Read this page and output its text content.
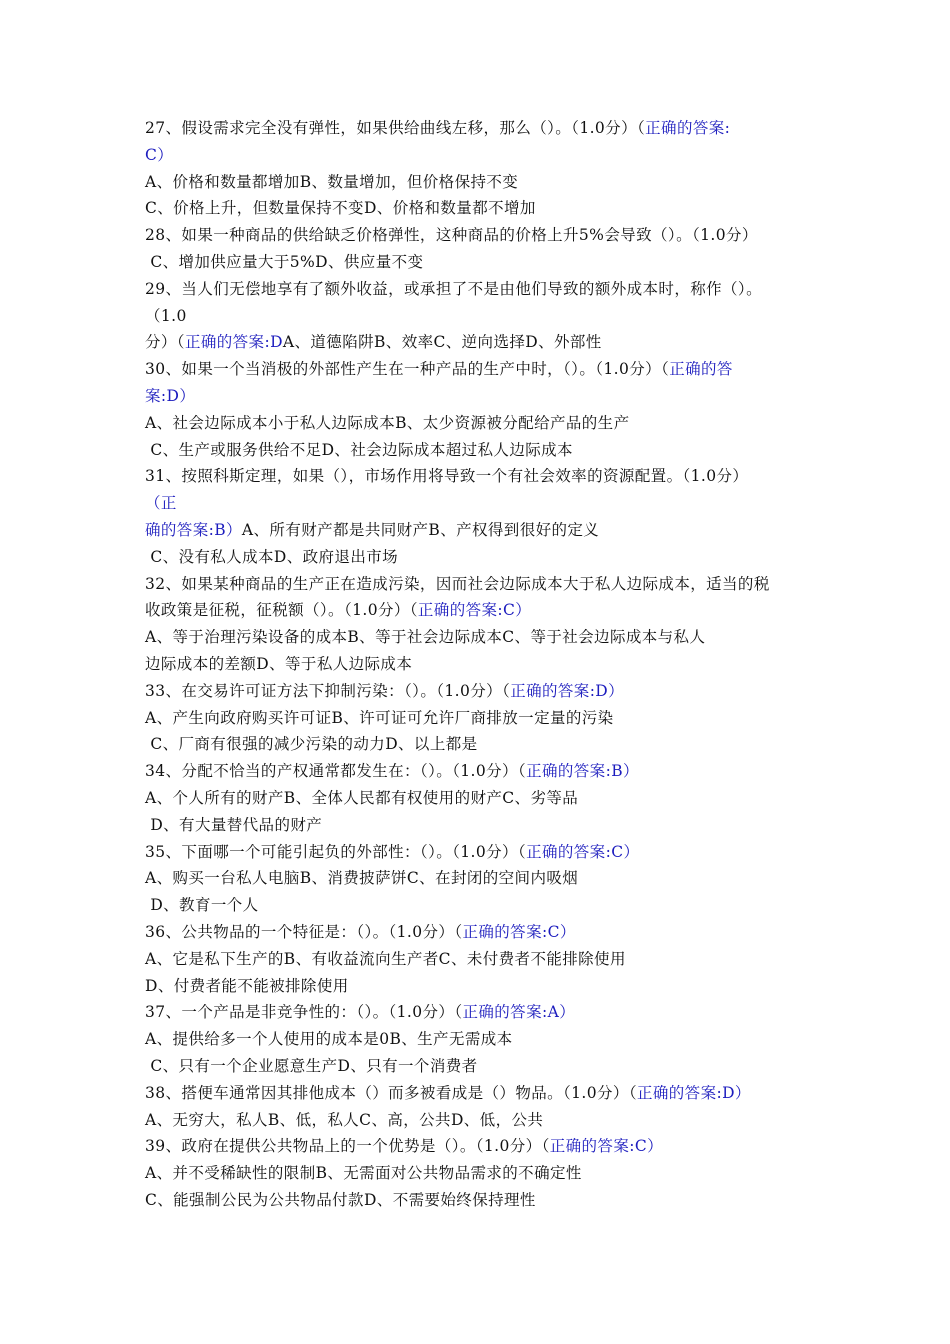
27、假设需求完全没有弹性，如果供给曲线左移，那么（）。（1.0分）（正确的答案:
C）
A、价格和数量都增加B、数量增加，但价格保持不变
C、价格上升，但数量保持不变D、价格和数量都不增加
28、如果一种商品的供给缺乏价格弹性，这种商品的价格上升5%会导致（）。（1.0分）
C、增加供应量大于5%D、供应量不变
29、当人们无偿地享有了额外收益，或承担了不是由他们导致的额外成本时，称作（）。
（1.0
分）（正确的答案:DA、道德陷阱B、效率C、逆向选择D、外部性
30、如果一个当消极的外部性产生在一种产品的生产中时，（）。（1.0分）（正确的答
案:D）
A、社会边际成本小于私人边际成本B、太少资源被分配给产品的生产
C、生产或服务供给不足D、社会边际成本超过私人边际成本
31、按照科斯定理，如果（），市场作用将导致一个有社会效率的资源配置。（1.0分）
（正
确的答案:B）A、所有财产都是共同财产B、产权得到很好的定义
C、没有私人成本D、政府退出市场
32、如果某种商品的生产正在造成污染，因而社会边际成本大于私人边际成本，适当的税
收政策是征税，征税额（）。（1.0分）（正确的答案:C）
A、等于治理污染设备的成本B、等于社会边际成本C、等于社会边际成本与私人
边际成本的差额D、等于私人边际成本
33、在交易许可证方法下抑制污染：（）。（1.0分）（正确的答案:D）
A、产生向政府购买许可证B、许可证可允许厂商排放一定量的污染
C、厂商有很强的减少污染的动力D、以上都是
34、分配不恰当的产权通常都发生在：（）。（1.0分）（正确的答案:B）
A、个人所有的财产B、全体人民都有权使用的财产C、劣等品
D、有大量替代品的财产
35、下面哪一个可能引起负的外部性：（）。（1.0分）（正确的答案:C）
A、购买一台私人电脑B、消费披萨饼C、在封闭的空间内吸烟
D、教育一个人
36、公共物品的一个特征是：（）。（1.0分）（正确的答案:C）
A、它是私下生产的B、有收益流向生产者C、未付费者不能排除使用
D、付费者能不能被排除使用
37、一个产品是非竞争性的：（）。（1.0分）（正确的答案:A）
A、提供给多一个人使用的成本是0B、生产无需成本
C、只有一个企业愿意生产D、只有一个消费者
38、搭便车通常因其排他成本（）而多被看成是（）物品。（1.0分）（正确的答案:D）
A、无穷大，私人B、低，私人C、高，公共D、低，公共
39、政府在提供公共物品上的一个优势是（）。（1.0分）（正确的答案:C）
A、并不受稀缺性的限制B、无需面对公共物品需求的不确定性
C、能强制公民为公共物品付款D、不需要始终保持理性
